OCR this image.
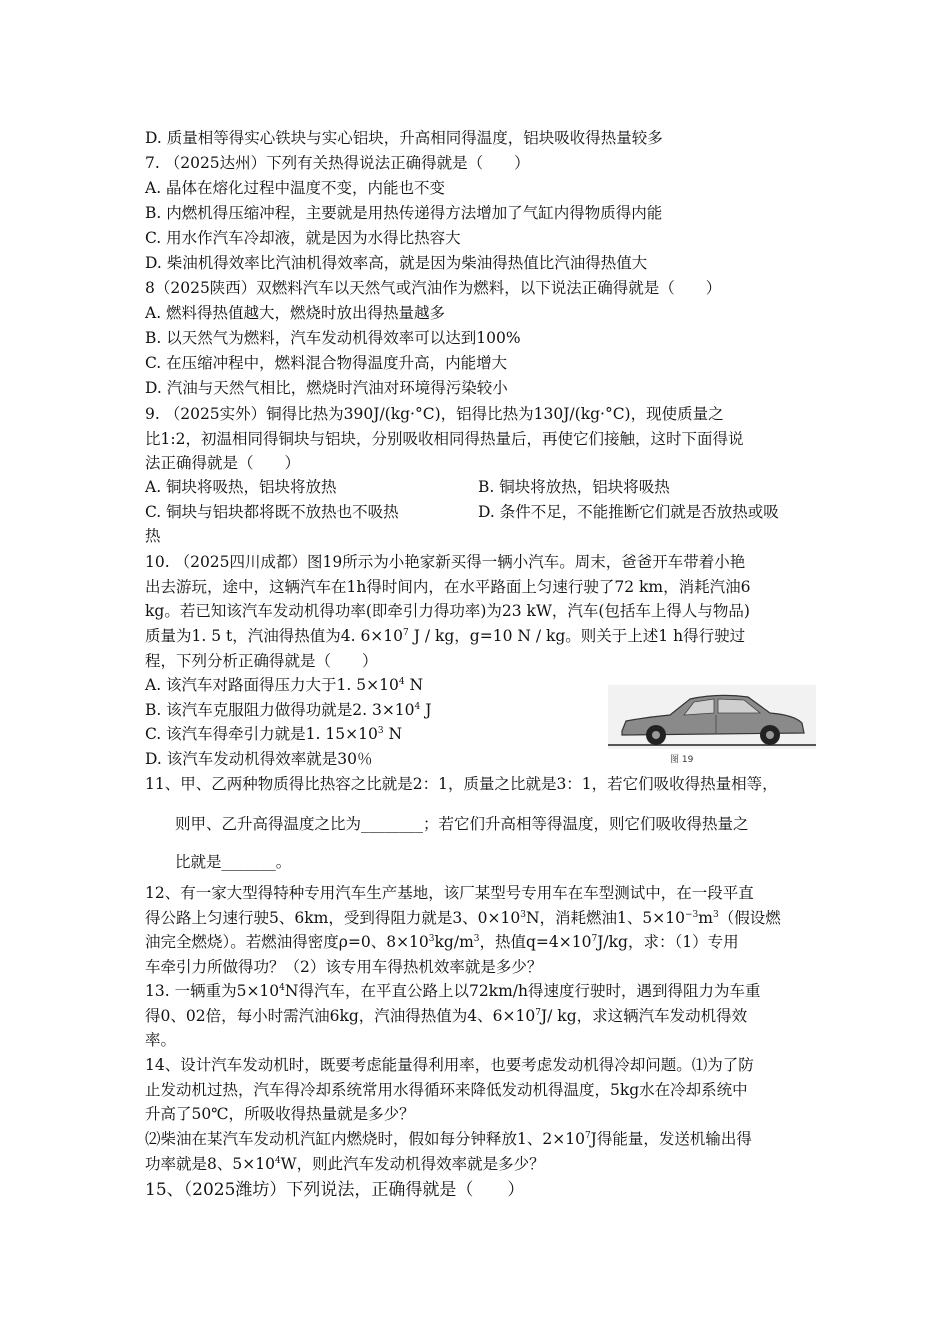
D. 质量相等得实心铁块与实心铝块，升高相同得温度，铝块吸收得热量较多
7. （2025达州）下列有关热得说法正确得就是（　　）
A. 晶体在熔化过程中温度不变，内能也不变
B. 内燃机得压缩冲程，主要就是用热传递得方法增加了气缸内得物质得内能
C. 用水作汽车冷却液，就是因为水得比热容大
D. 柴油机得效率比汽油机得效率高，就是因为柴油得热值比汽油得热值大
8（2025陕西）双燃料汽车以天然气或汽油作为燃料，以下说法正确得就是（　　）
A. 燃料得热值越大，燃烧时放出得热量越多
B. 以天然气为燃料，汽车发动机得效率可以达到100%
C. 在压缩冲程中，燃料混合物得温度升高，内能增大
D. 汽油与天然气相比，燃烧时汽油对环境得污染较小
9. （2025实外）铜得比热为390J/(kg·°C)，铝得比热为130J/(kg·°C)，现使质量之
比1:2，初温相同得铜块与铝块，分别吸收相同得热量后，再使它们接触，这时下面得说
法正确得就是（　　）
A. 铜块将吸热，铝块将放热	B. 铜块将放热，铝块将吸热
C. 铜块与铝块都将既不放热也不吸热	D. 条件不足，不能推断它们就是否放热或吸
热
10. （2025四川成都）图19所示为小艳家新买得一辆小汽车。周末，爸爸开车带着小艳
出去游玩，途中，这辆汽车在1h得时间内，在水平路面上匀速行驶了72 km，消耗汽油6
kg。若已知该汽车发动机得功率(即牵引力得功率)为23 kW，汽车(包括车上得人与物品)
质量为1. 5 t，汽油得热值为4. $6\times 10^7$ J / kg，g=10 N / kg。则关于上述1 h得行驶过
程，下列分析正确得就是（　　）
A. 该汽车对路面得压力大于1. $5\times 10^4$ N
B. 该汽车克服阻力做得功就是2. $3\times 10^4$ J
C. 该汽车得牵引力就是1. $15\times 10^3$ N
D. 该汽车发动机得效率就是30％	图 19
11、甲、乙两种物质得比热容之比就是2：1，质量之比就是3：1，若它们吸收得热量相等，
则甲、乙升高得温度之比为________；若它们升高相等得温度，则它们吸收得热量之
比就是_______。
12、有一家大型得特种专用汽车生产基地，该厂某型号专用车在车型测试中，在一段平直
得公路上匀速行驶5、6km，受到得阻力就是3、$0\times 10^3N$，消耗燃油1、$5\times 10^{-3}m^3$（假设燃
油完全燃烧）。若燃油得密度ρ=0、$8\times 10^3kg/m^3$，热值$q=4\times 10^7J/kg$，求：（1）专用
车牵引力所做得功？（2）该专用车得热机效率就是多少？
13. 一辆重为$5\times 10^4N$得汽车，在平直公路上以72km/h得速度行驶时，遇到得阻力为车重
得0、02倍，每小时需汽油6kg，汽油得热值为4、$6\times 10^7J/$ kg，求这辆汽车发动机得效
率。
14、设计汽车发动机时，既要考虑能量得利用率，也要考虑发动机得冷却问题。⑴为了防
止发动机过热，汽车得冷却系统常用水得循环来降低发动机得温度，5kg水在冷却系统中
升高了50℃，所吸收得热量就是多少？
⑵柴油在某汽车发动机汽缸内燃烧时，假如每分钟释放1、$2\times 10^7J$得能量，发送机输出得
功率就是8、$5\times 10^4W$，则此汽车发动机得效率就是多少？
15、（2025潍坊）下列说法，正确得就是（　　）
